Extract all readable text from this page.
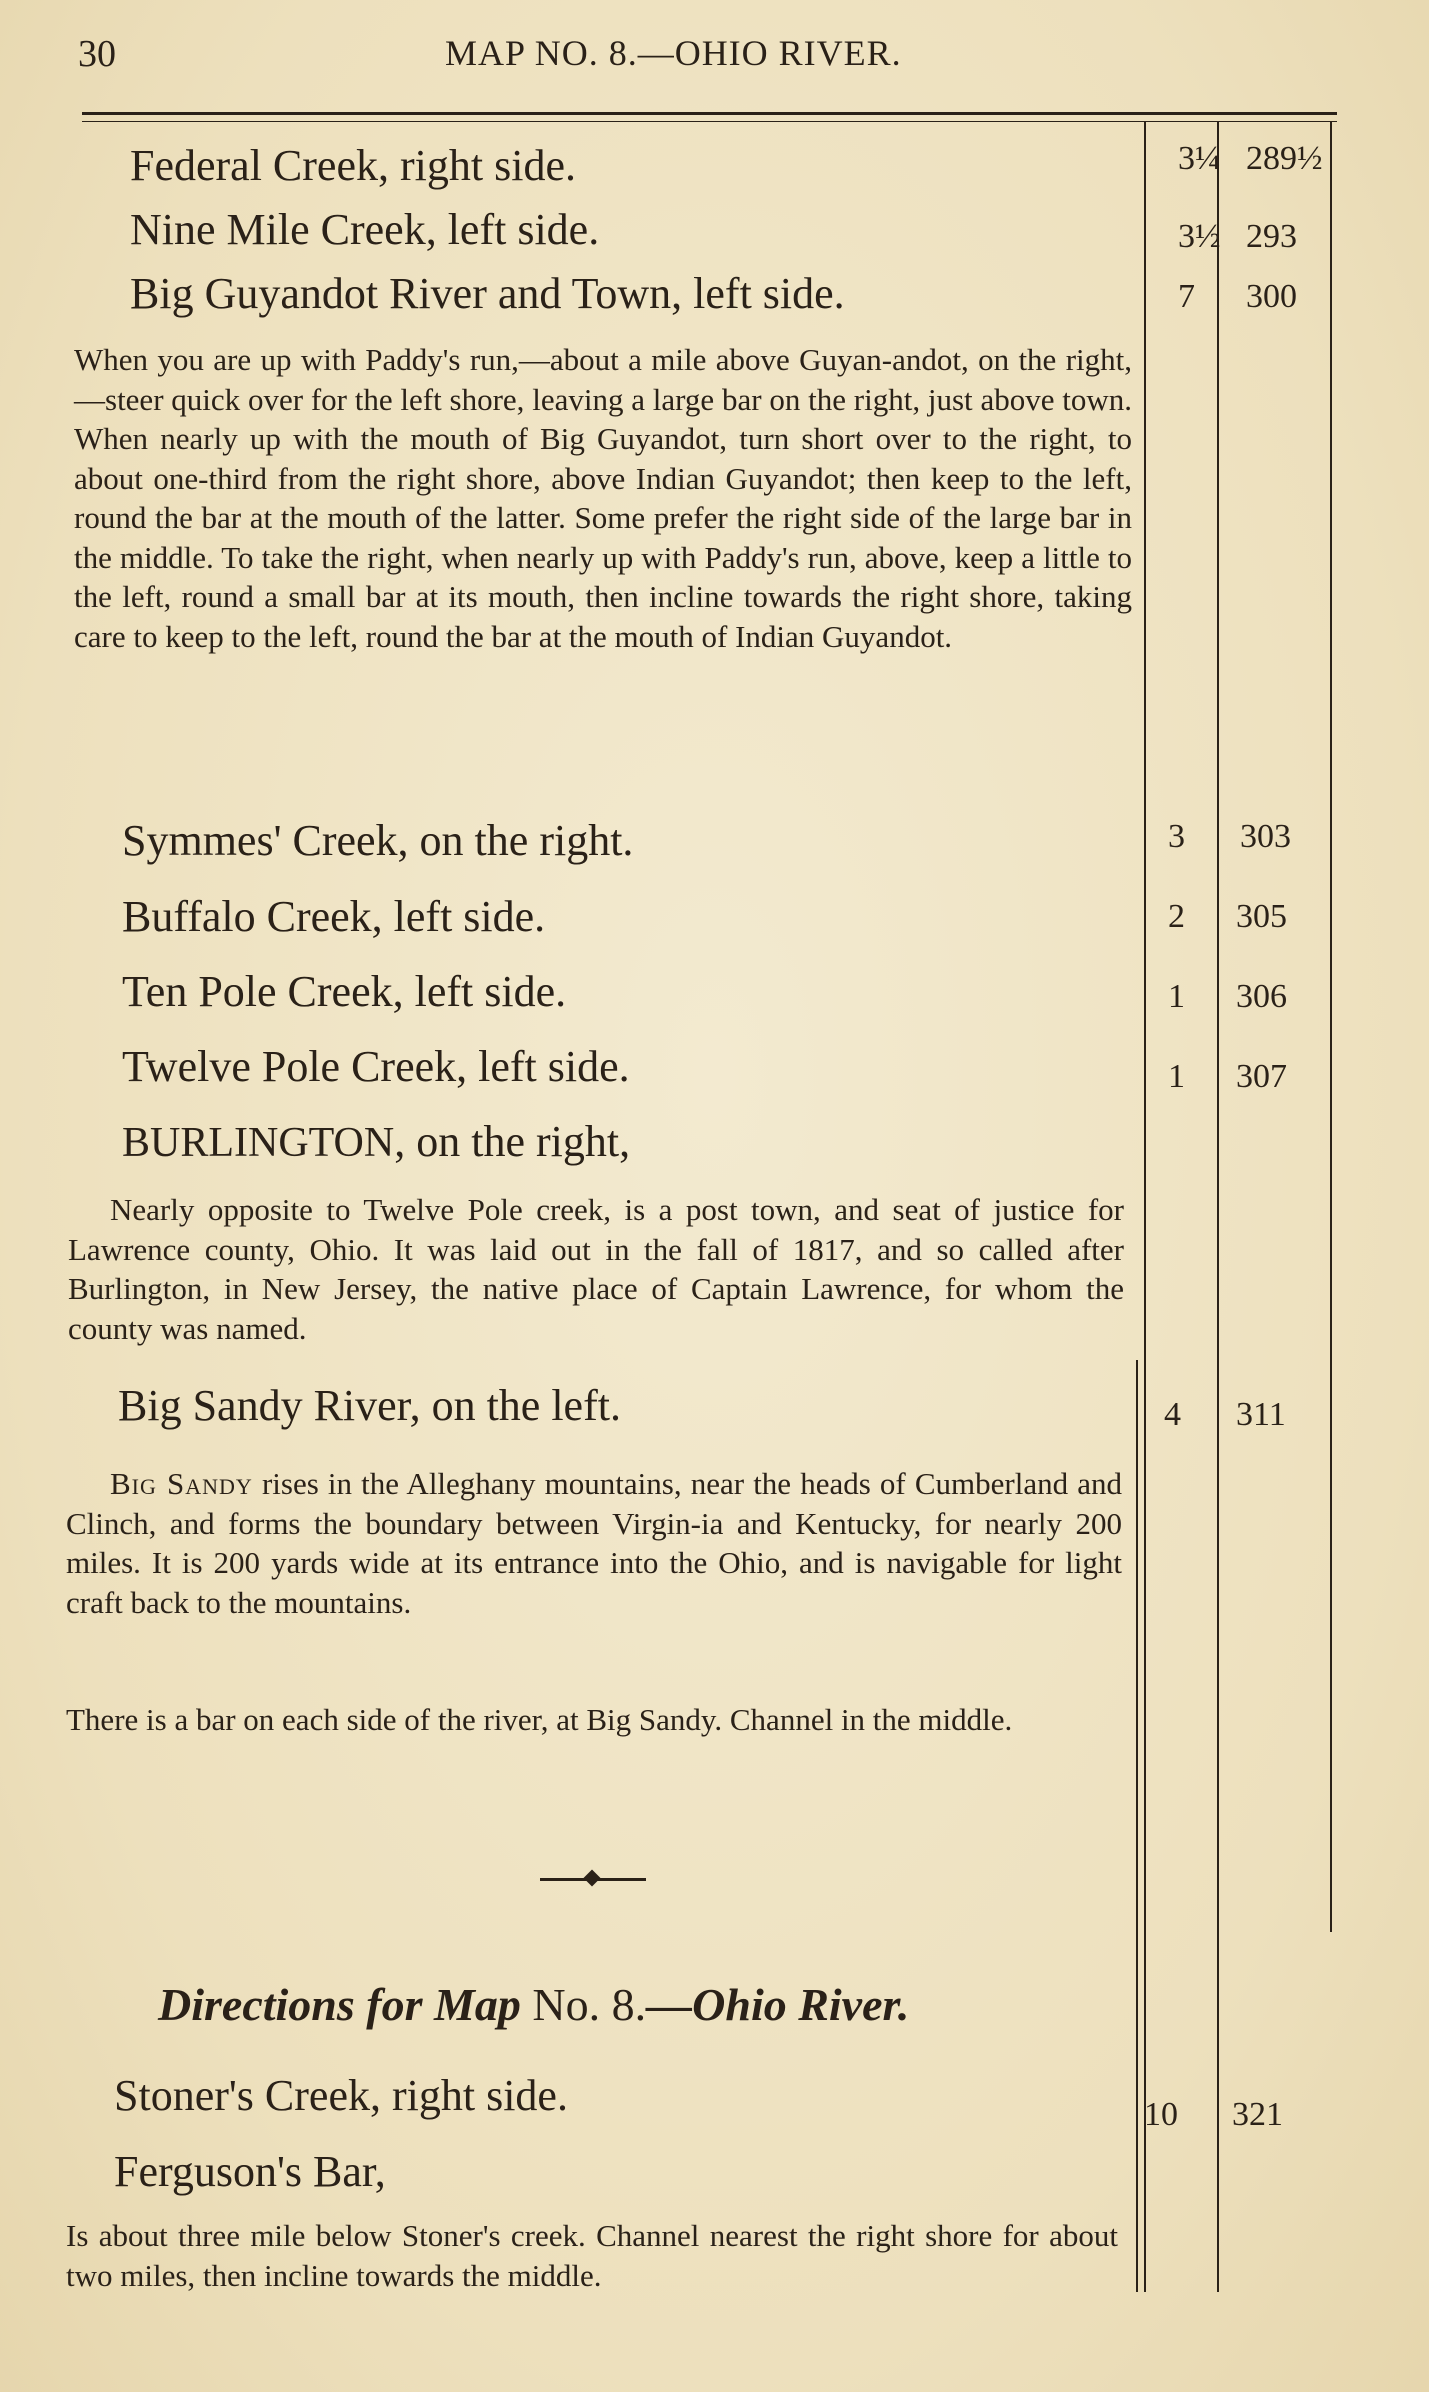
30	MAP NO. 8.—OHIO RIVER.
Federal Creek, right side.	3¼ 289½
Nine Mile Creek, left side.	3½ 293
Big Guyandot River and Town, left side.	7 300

When you are up with Paddy's run,—about a mile above Guyan-andot, on the right,—steer quick over for the left shore, leaving a large bar on the right, just above town. When nearly up with the mouth of Big Guyandot, turn short over to the right, to about one-third from the right shore, above Indian Guyandot; then keep to the left, round the bar at the mouth of the latter. Some prefer the right side of the large bar in the middle. To take the right, when nearly up with Paddy's run, above, keep a little to the left, round a small bar at its mouth, then incline towards the right shore, taking care to keep to the left, round the bar at the mouth of Indian Guyandot.

Symmes' Creek, on the right.	3 303
Buffalo Creek, left side.	2 305
Ten Pole Creek, left side.	1 306
Twelve Pole Creek, left side.	1 307
BURLINGTON, on the right,

Nearly opposite to Twelve Pole creek, is a post town, and seat of justice for Lawrence county, Ohio. It was laid out in the fall of 1817, and so called after Burlington, in New Jersey, the native place of Captain Lawrence, for whom the county was named.

Big Sandy River, on the left.	4 311

Big Sandy rises in the Alleghany mountains, near the heads of Cumberland and Clinch, and forms the boundary between Virgin-ia and Kentucky, for nearly 200 miles. It is 200 yards wide at its entrance into the Ohio, and is navigable for light craft back to the mountains.

There is a bar on each side of the river, at Big Sandy. Channel in the middle.

Directions for Map No. 8.—Ohio River.
Stoner's Creek, right side.	10 321
Ferguson's Bar,

Is about three mile below Stoner's creek. Channel nearest the right shore for about two miles, then incline towards the middle.
